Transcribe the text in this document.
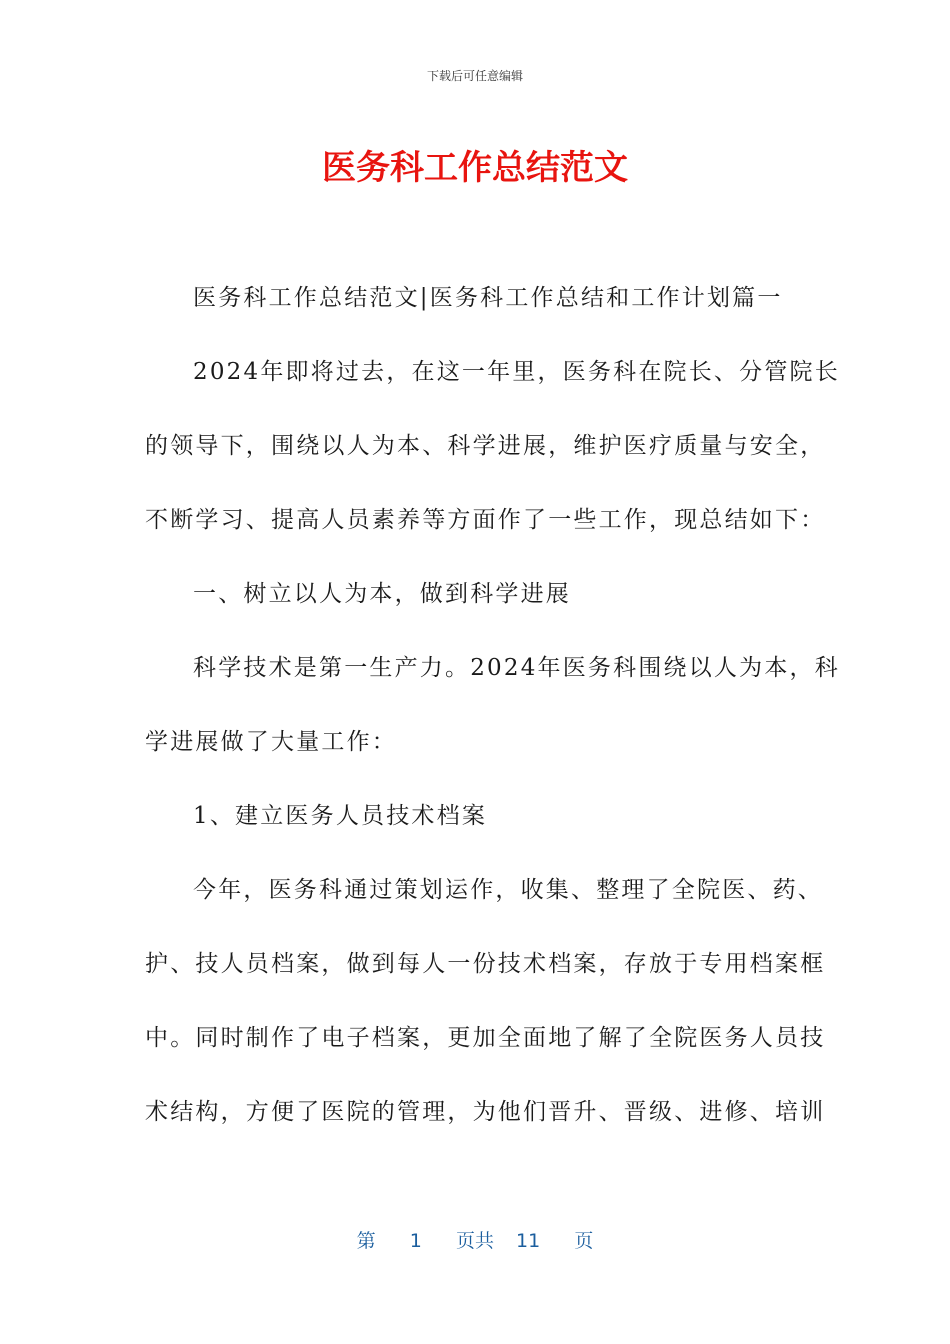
下载后可任意编辑
医务科工作总结范文
医务科工作总结范文|医务科工作总结和工作计划篇一
2024年即将过去，在这一年里，医务科在院长、分管院长
的领导下，围绕以人为本、科学进展，维护医疗质量与安全，
不断学习、提高人员素养等方面作了一些工作，现总结如下：
一、树立以人为本，做到科学进展
科学技术是第一生产力。2024年医务科围绕以人为本，科
学进展做了大量工作：
1、建立医务人员技术档案
今年，医务科通过策划运作，收集、整理了全院医、药、
护、技人员档案，做到每人一份技术档案，存放于专用档案框
中。同时制作了电子档案，更加全面地了解了全院医务人员技
术结构，方便了医院的管理，为他们晋升、晋级、进修、培训
第 1 页共 11 页
